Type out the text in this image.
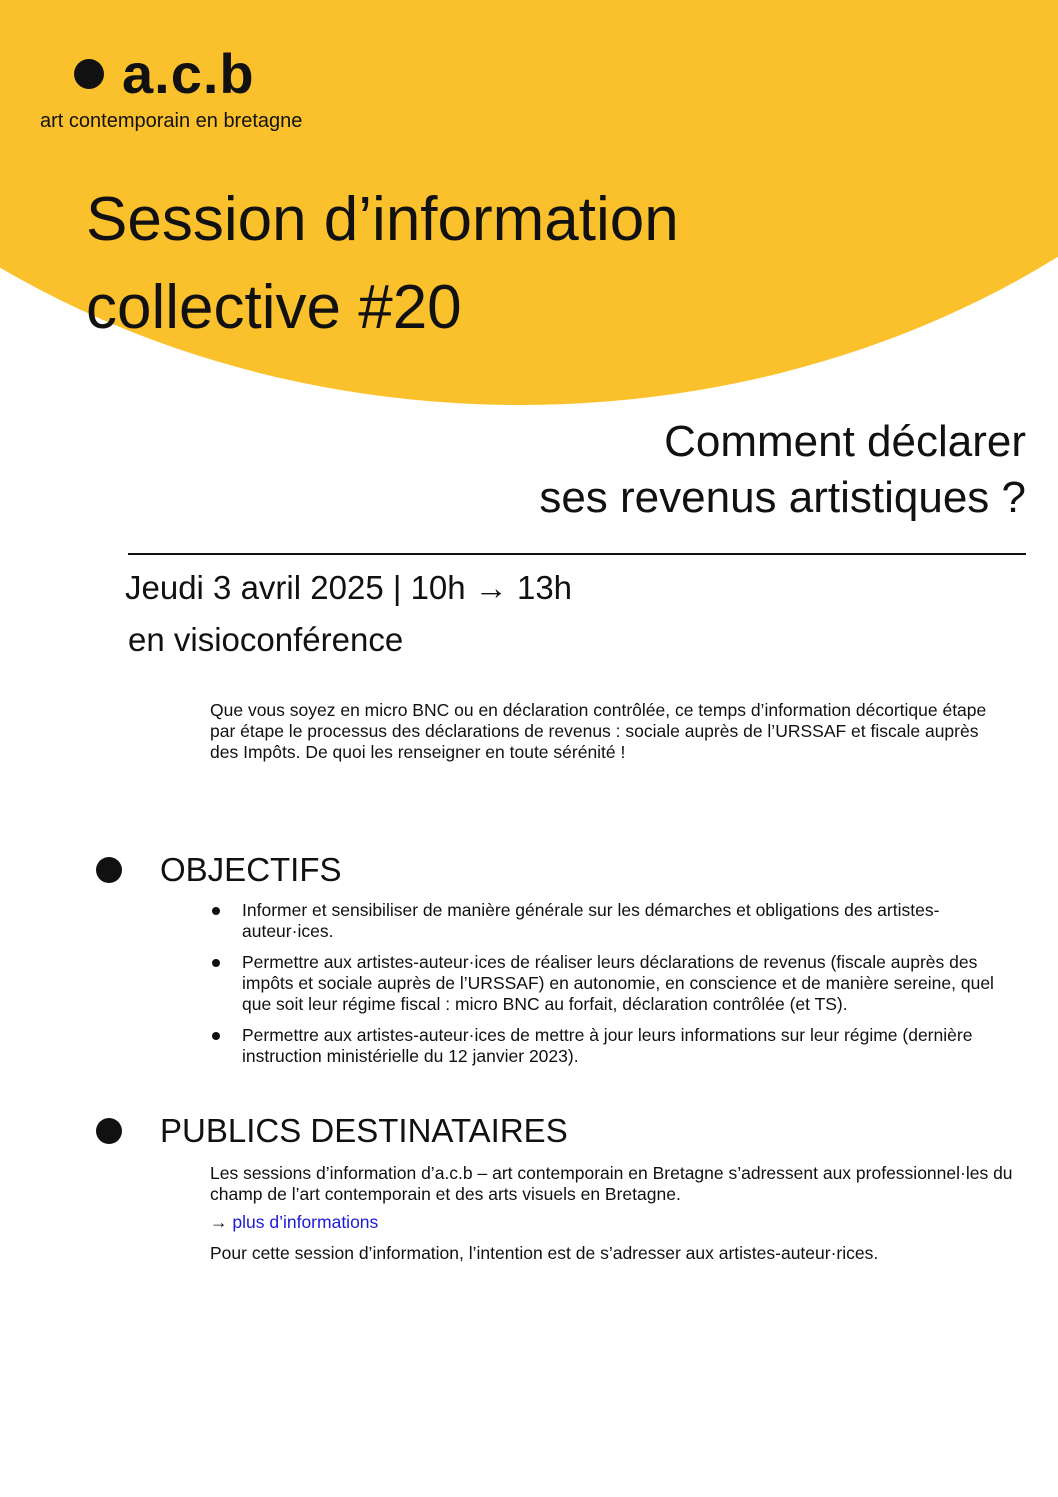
a.c.b
art contemporain en bretagne
Session d’information
collective #20
Comment déclarer
ses revenus artistiques ?
Jeudi 3 avril 2025 | 10h → 13h
en visioconférence
Que vous soyez en micro BNC ou en déclaration contrôlée, ce temps d’information décortique étape par étape le processus des déclarations de revenus : sociale auprès de l’URSSAF et fiscale auprès des Impôts. De quoi les renseigner en toute sérénité !
OBJECTIFS
Informer et sensibiliser de manière générale sur les démarches et obligations des artistes-auteur·ices.
Permettre aux artistes-auteur·ices de réaliser leurs déclarations de revenus (fiscale auprès des impôts et sociale auprès de l’URSSAF) en autonomie, en conscience et de manière sereine, quel que soit leur régime fiscal : micro BNC au forfait, déclaration contrôlée (et TS).
Permettre aux artistes-auteur·ices de mettre à jour leurs informations sur leur régime (dernière instruction ministérielle du 12 janvier 2023).
PUBLICS DESTINATAIRES

Les sessions d’information d’a.c.b – art contemporain en Bretagne s’adressent aux professionnel·les du champ de l’art contemporain et des arts visuels en Bretagne.

→ plus d’informations

Pour cette session d’information, l’intention est de s’adresser aux artistes-auteur·rices.
